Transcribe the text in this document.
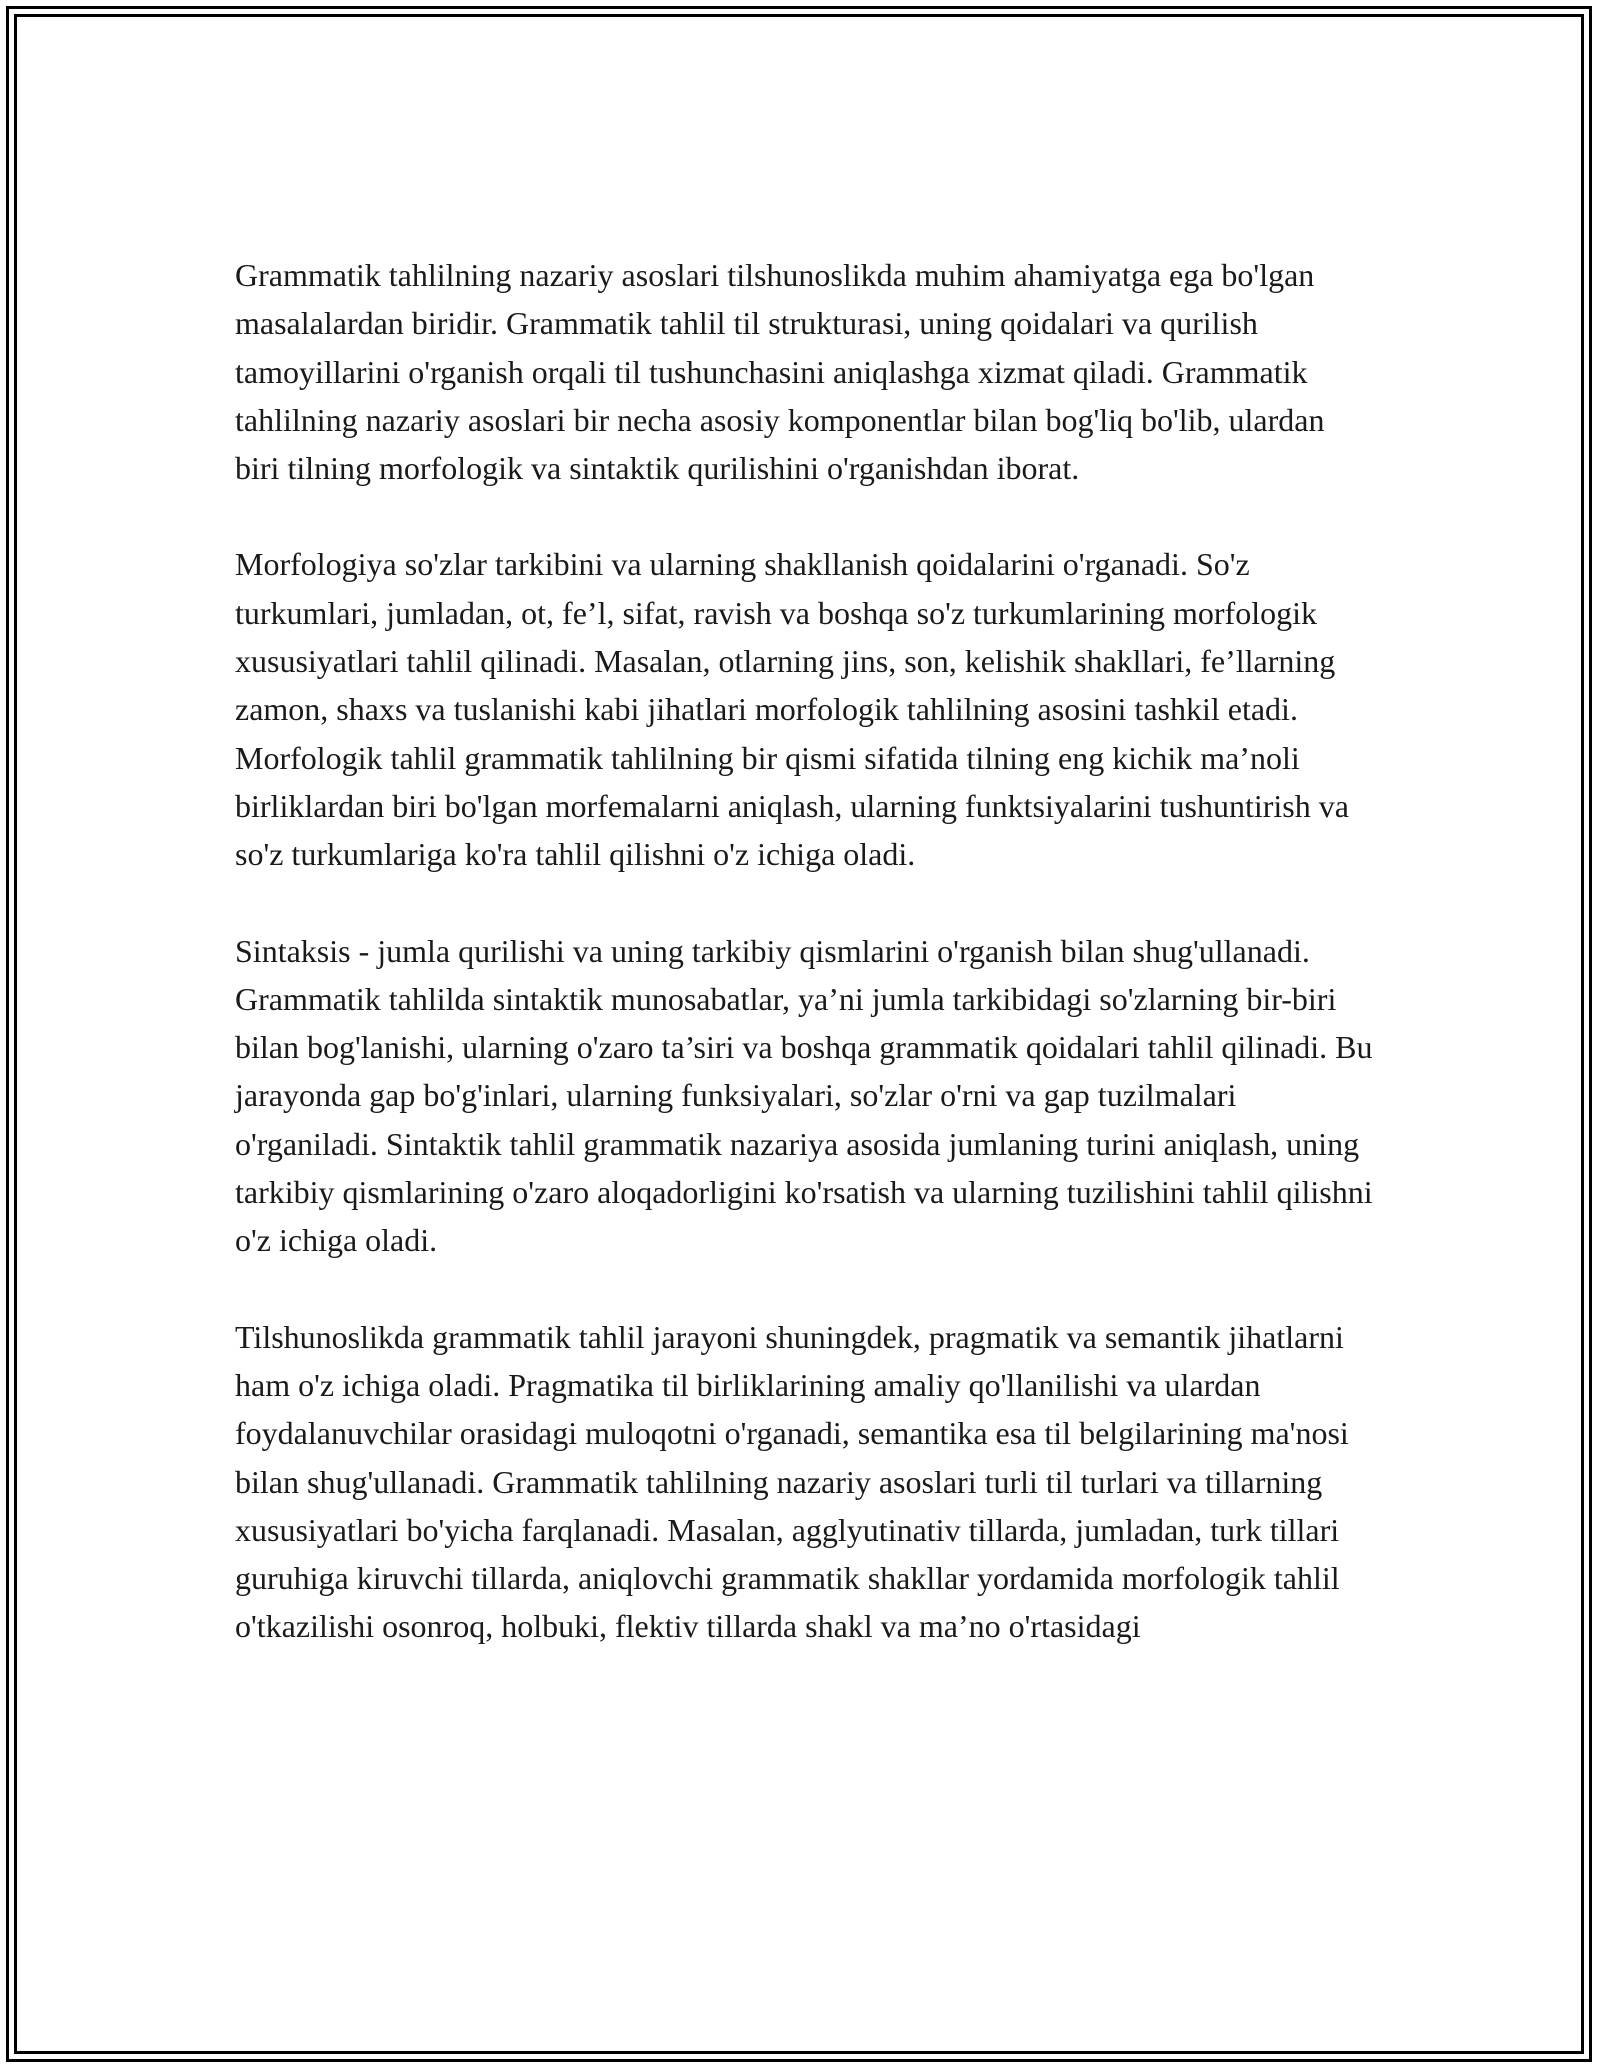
Grammatik tahlilning nazariy asoslari tilshunoslikda muhim ahamiyatga ega bo'lgan masalalardan biridir. Grammatik tahlil til strukturasi, uning qoidalari va qurilish tamoyillarini o'rganish orqali til tushunchasini aniqlashga xizmat qiladi. Grammatik tahlilning nazariy asoslari bir necha asosiy komponentlar bilan bog'liq bo'lib, ulardan biri tilning morfologik va sintaktik qurilishini o'rganishdan iborat.

Morfologiya so'zlar tarkibini va ularning shakllanish qoidalarini o'rganadi. So'z turkumlari, jumladan, ot, fe’l, sifat, ravish va boshqa so'z turkumlarining morfologik xususiyatlari tahlil qilinadi. Masalan, otlarning jins, son, kelishik shakllari, fe’llarning zamon, shaxs va tuslanishi kabi jihatlari morfologik tahlilning asosini tashkil etadi. Morfologik tahlil grammatik tahlilning bir qismi sifatida tilning eng kichik ma’noli birliklardan biri bo'lgan morfemalarni aniqlash, ularning funktsiyalarini tushuntirish va so'z turkumlariga ko'ra tahlil qilishni o'z ichiga oladi.

Sintaksis - jumla qurilishi va uning tarkibiy qismlarini o'rganish bilan shug'ullanadi. Grammatik tahlilda sintaktik munosabatlar, ya’ni jumla tarkibidagi so'zlarning bir-biri bilan bog'lanishi, ularning o'zaro ta’siri va boshqa grammatik qoidalari tahlil qilinadi. Bu jarayonda gap bo'g'inlari, ularning funksiyalari, so'zlar o'rni va gap tuzilmalari o'rganiladi. Sintaktik tahlil grammatik nazariya asosida jumlaning turini aniqlash, uning tarkibiy qismlarining o'zaro aloqadorligini ko'rsatish va ularning tuzilishini tahlil qilishni o'z ichiga oladi.

Tilshunoslikda grammatik tahlil jarayoni shuningdek, pragmatik va semantik jihatlarni ham o'z ichiga oladi. Pragmatika til birliklarining amaliy qo'llanilishi va ulardan foydalanuvchilar orasidagi muloqotni o'rganadi, semantika esa til belgilarining ma'nosi bilan shug'ullanadi. Grammatik tahlilning nazariy asoslari turli til turlari va tillarning xususiyatlari bo'yicha farqlanadi. Masalan, agglyutinativ tillarda, jumladan, turk tillari guruhiga kiruvchi tillarda, aniqlovchi grammatik shakllar yordamida morfologik tahlil o'tkazilishi osonroq, holbuki, flektiv tillarda shakl va ma’no o'rtasidagi
